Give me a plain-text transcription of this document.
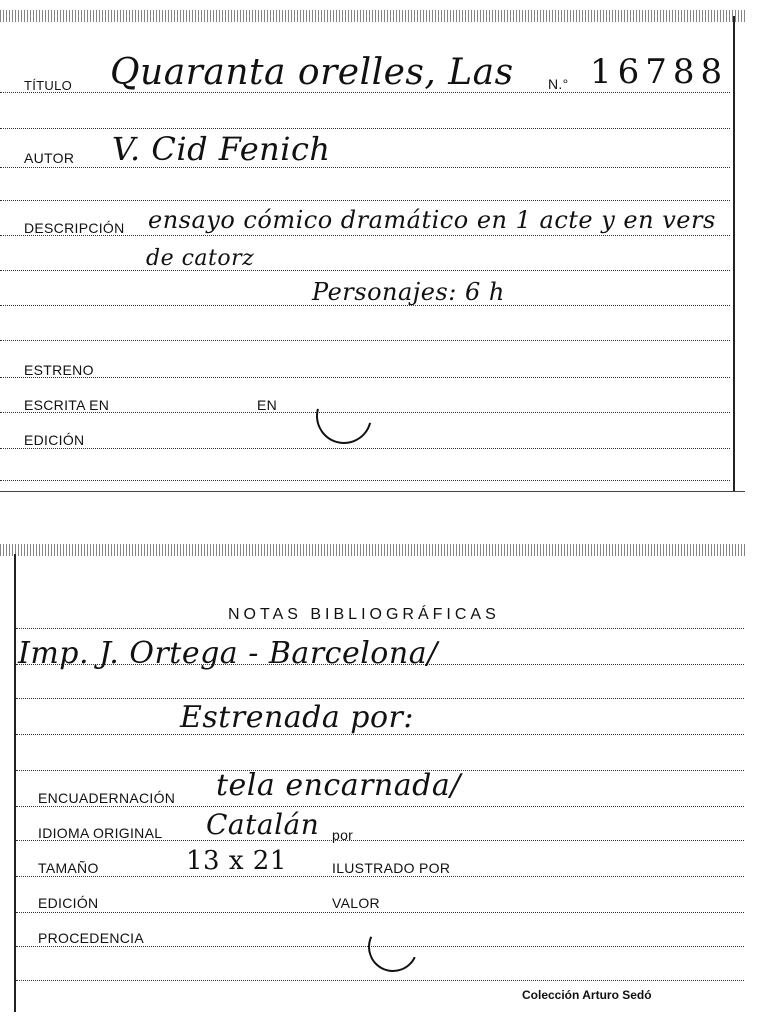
TÍTULO Quaranta orelles, Las N.° 16788
AUTOR V. Cid Fenich
DESCRIPCIÓN ensayo cómico dramático en 1 acte y en vers
de catorz
Personajes: 6 h
ESTRENO
ESCRITA EN	EN
EDICIÓN
NOTAS BIBLIOGRÁFICAS
Imp. J. Ortega - Barcelona/
Estrenada por:
ENCUADERNACIÓN tela encarnada/
IDIOMA ORIGINAL Catalán por
TAMAÑO	13 x 21	ILUSTRADO POR
EDICIÓN	VALOR
PROCEDENCIA
Colección Arturo Sedó
